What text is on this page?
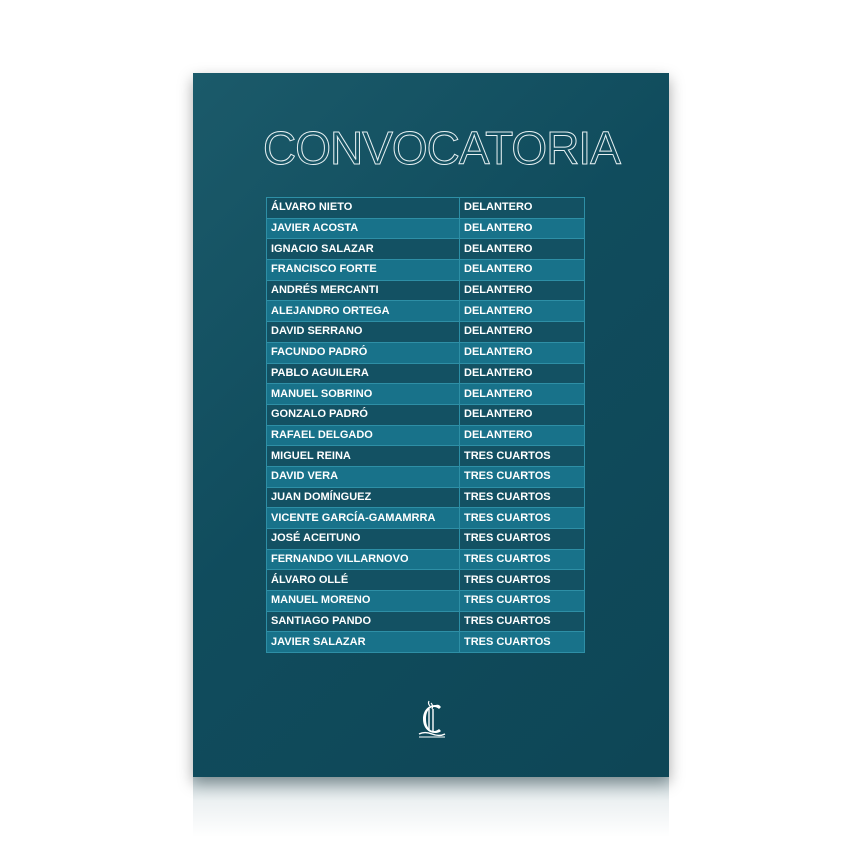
CONVOCATORIA
ÁLVARO NIETO	DELANTERO
JAVIER ACOSTA	DELANTERO
IGNACIO SALAZAR	DELANTERO
FRANCISCO FORTE	DELANTERO
ANDRÉS MERCANTI	DELANTERO
ALEJANDRO ORTEGA	DELANTERO
DAVID SERRANO	DELANTERO
FACUNDO PADRÓ	DELANTERO
PABLO AGUILERA	DELANTERO
MANUEL SOBRINO	DELANTERO
GONZALO PADRÓ	DELANTERO
RAFAEL DELGADO	DELANTERO
MIGUEL REINA	TRES CUARTOS
DAVID VERA	TRES CUARTOS
JUAN DOMÍNGUEZ	TRES CUARTOS
VICENTE GARCÍA-GAMAMRRA	TRES CUARTOS
JOSÉ ACEITUNO	TRES CUARTOS
FERNANDO VILLARNOVO	TRES CUARTOS
ÁLVARO OLLÉ	TRES CUARTOS
MANUEL MORENO	TRES CUARTOS
SANTIAGO PANDO	TRES CUARTOS
JAVIER SALAZAR	TRES CUARTOS
